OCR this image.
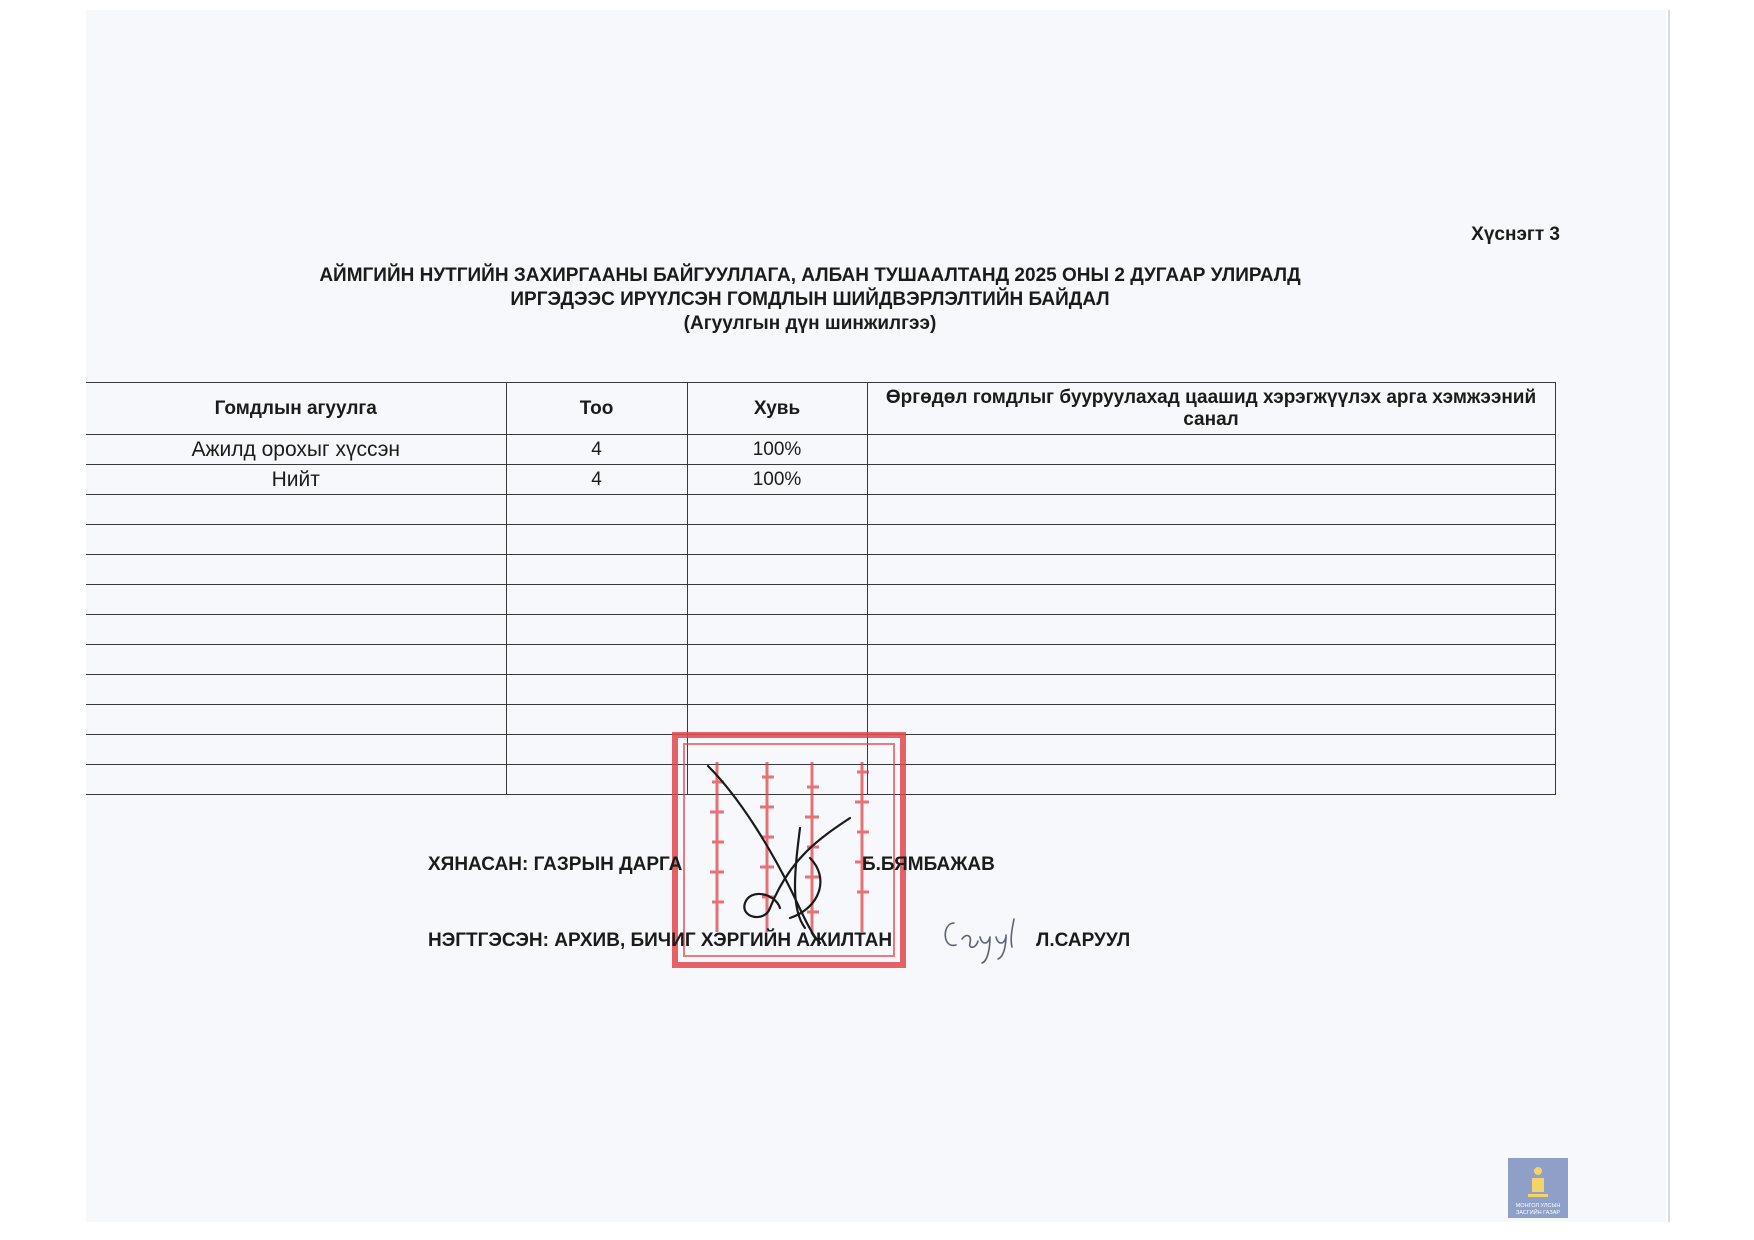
Хүснэгт 3
АЙМГИЙН НУТГИЙН ЗАХИРГААНЫ БАЙГУУЛЛАГА, АЛБАН ТУШААЛТАНД 2025 ОНЫ 2 ДУГААР УЛИРАЛД
ИРГЭДЭЭС ИРҮҮЛСЭН ГОМДЛЫН ШИЙДВЭРЛЭЛТИЙН БАЙДАЛ
(Агуулгын дүн шинжилгээ)
Гомдлын агуулга	Тоо	Хувь	Өргөдөл гомдлыг бууруулахад цаашид хэрэгжүүлэх арга хэмжээний санал
Ажилд орохыг хүссэн	4	100%	
Нийт	4	100%	

ХЯНАСАН: ГАЗРЫН ДАРГА	Б.БЯМБАЖАВ
НЭГТГЭСЭН: АРХИВ, БИЧИГ ХЭРГИЙН АЖИЛТАН	Л.САРУУЛ
МОНГОЛ УЛСЫН
ЗАСГИЙН ГАЗАР
